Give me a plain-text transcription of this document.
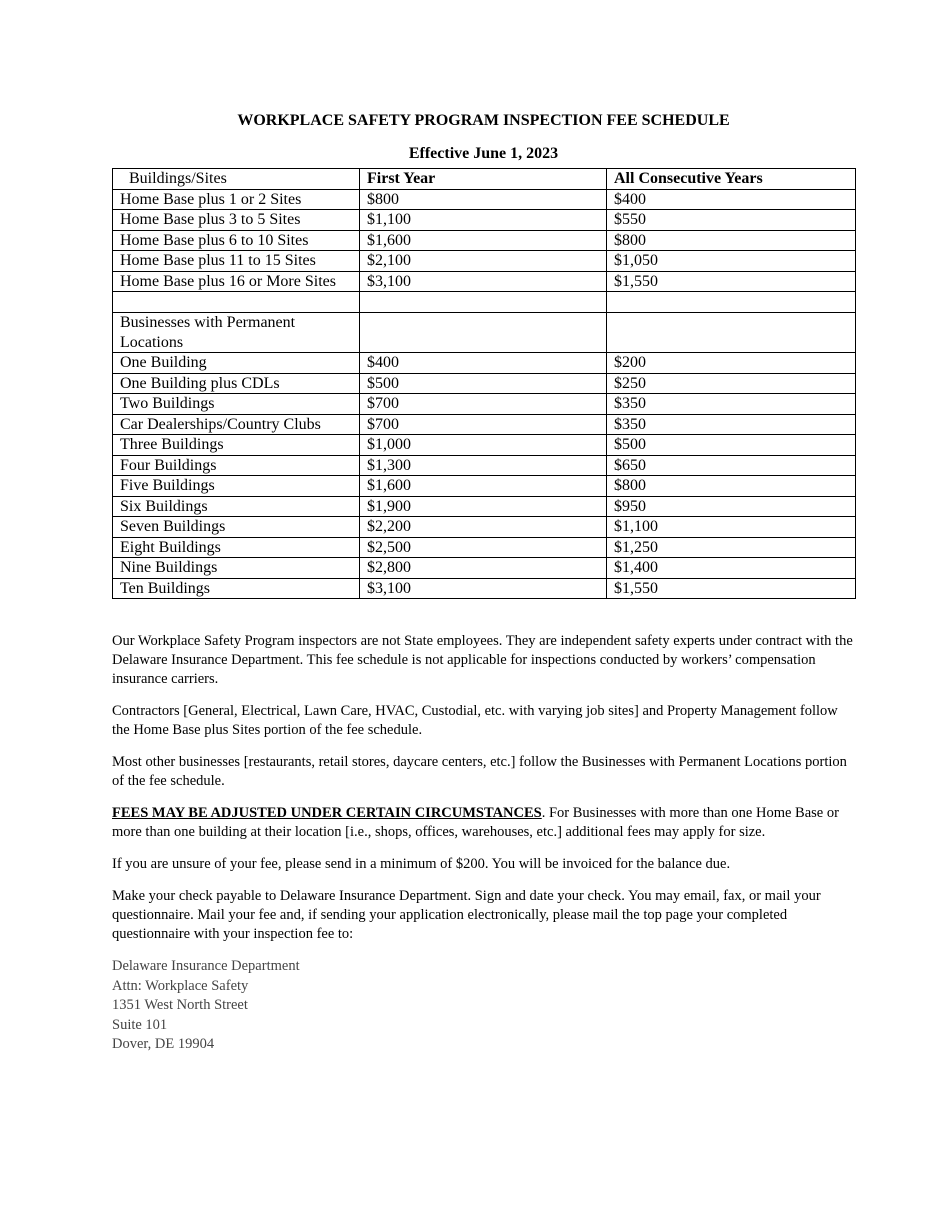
WORKPLACE SAFETY PROGRAM INSPECTION FEE SCHEDULE
Effective June 1, 2023
Buildings/Sites	First Year	All Consecutive Years
Home Base plus 1 or 2 Sites	$800	$400
Home Base plus 3 to 5 Sites	$1,100	$550
Home Base plus 6 to 10 Sites	$1,600	$800
Home Base plus 11 to 15 Sites	$2,100	$1,050
Home Base plus 16 or More Sites	$3,100	$1,550

Businesses with Permanent Locations		
One Building	$400	$200
One Building plus CDLs	$500	$250
Two Buildings	$700	$350
Car Dealerships/Country Clubs	$700	$350
Three Buildings	$1,000	$500
Four Buildings	$1,300	$650
Five Buildings	$1,600	$800
Six Buildings	$1,900	$950
Seven Buildings	$2,200	$1,100
Eight Buildings	$2,500	$1,250
Nine Buildings	$2,800	$1,400
Ten Buildings	$3,100	$1,550

Our Workplace Safety Program inspectors are not State employees. They are independent safety experts under contract with the Delaware Insurance Department. This fee schedule is not applicable for inspections conducted by workers’ compensation insurance carriers.

Contractors [General, Electrical, Lawn Care, HVAC, Custodial, etc. with varying job sites] and Property Management follow the Home Base plus Sites portion of the fee schedule.

Most other businesses [restaurants, retail stores, daycare centers, etc.] follow the Businesses with Permanent Locations portion of the fee schedule.

FEES MAY BE ADJUSTED UNDER CERTAIN CIRCUMSTANCES. For Businesses with more than one Home Base or more than one building at their location [i.e., shops, offices, warehouses, etc.] additional fees may apply for size.

If you are unsure of your fee, please send in a minimum of $200. You will be invoiced for the balance due.

Make your check payable to Delaware Insurance Department. Sign and date your check. You may email, fax, or mail your questionnaire. Mail your fee and, if sending your application electronically, please mail the top page your completed questionnaire with your inspection fee to:

Delaware Insurance Department
Attn: Workplace Safety
1351 West North Street
Suite 101
Dover, DE 19904
